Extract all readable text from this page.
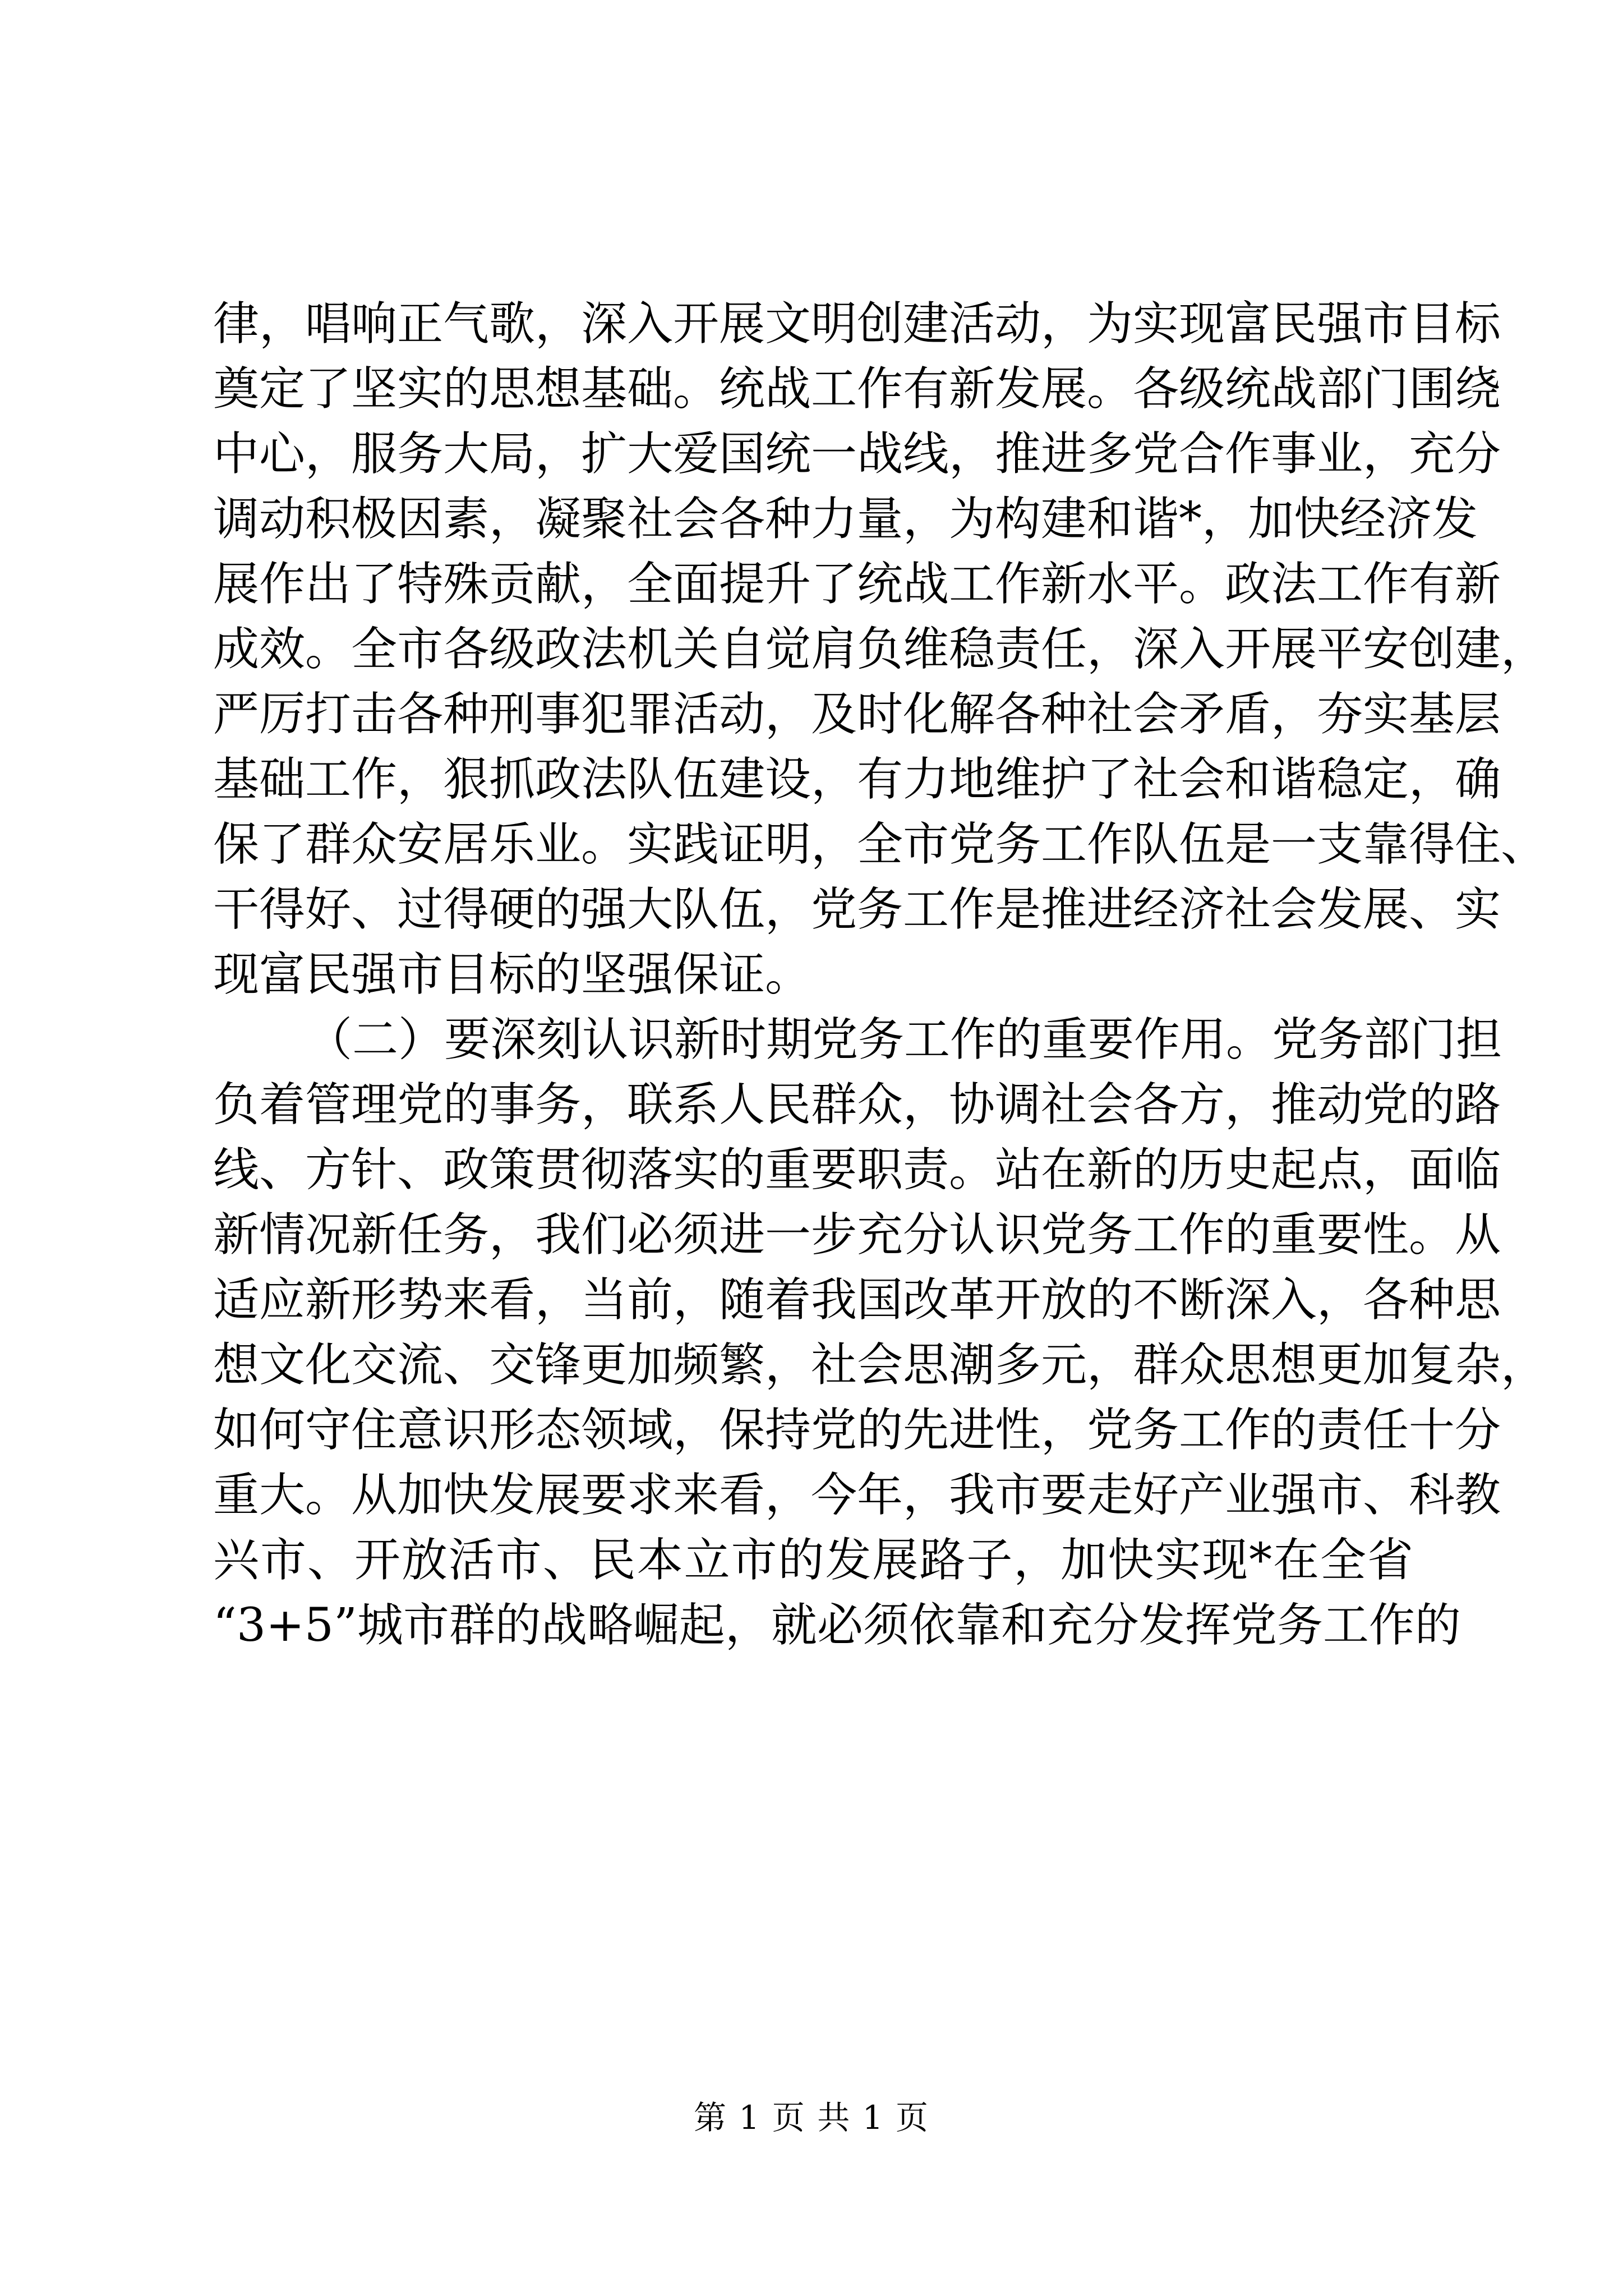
律，唱响正气歌，深入开展文明创建活动，为实现富民强市目标

奠定了坚实的思想基础。统战工作有新发展。各级统战部门围绕

中心，服务大局，扩大爱国统一战线，推进多党合作事业，充分

调动积极因素，凝聚社会各种力量，为构建和谐*，加快经济发

展作出了特殊贡献，全面提升了统战工作新水平。政法工作有新

成效。全市各级政法机关自觉肩负维稳责任，深入开展平安创建，

严厉打击各种刑事犯罪活动，及时化解各种社会矛盾，夯实基层

基础工作，狠抓政法队伍建设，有力地维护了社会和谐稳定，确

保了群众安居乐业。实践证明，全市党务工作队伍是一支靠得住、

干得好、过得硬的强大队伍，党务工作是推进经济社会发展、实

现富民强市目标的坚强保证。

（二）要深刻认识新时期党务工作的重要作用。党务部门担

负着管理党的事务，联系人民群众，协调社会各方，推动党的路

线、方针、政策贯彻落实的重要职责。站在新的历史起点，面临

新情况新任务，我们必须进一步充分认识党务工作的重要性。从

适应新形势来看，当前，随着我国改革开放的不断深入，各种思

想文化交流、交锋更加频繁，社会思潮多元，群众思想更加复杂，

如何守住意识形态领域，保持党的先进性，党务工作的责任十分

重大。从加快发展要求来看，今年，我市要走好产业强市、科教

兴市、开放活市、民本立市的发展路子，加快实现*在全省

“3+5”城市群的战略崛起，就必须依靠和充分发挥党务工作的

第 1 页 共 1 页
